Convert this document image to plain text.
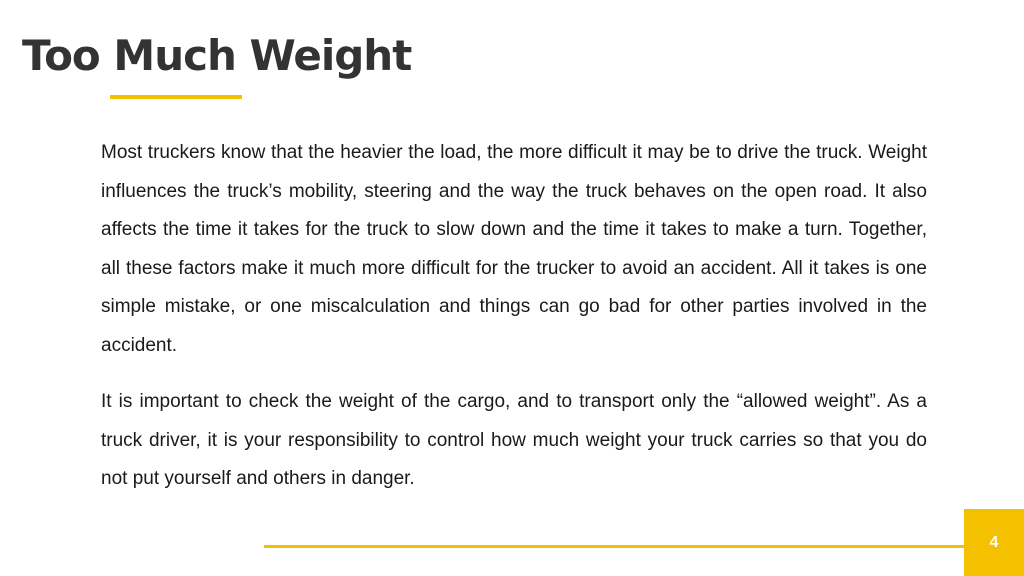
Too Much Weight

Most truckers know that the heavier the load, the more difficult it may be to drive the truck. Weight influences the truck’s mobility, steering and the way the truck behaves on the open road. It also affects the time it takes for the truck to slow down and the time it takes to make a turn. Together, all these factors make it much more difficult for the trucker to avoid an accident. All it takes is one simple mistake, or one miscalculation and things can go bad for other parties involved in the accident.

It is important to check the weight of the cargo, and to transport only the “allowed weight”. As a truck driver, it is your responsibility to control how much weight your truck carries so that you do not put yourself and others in danger.

4
